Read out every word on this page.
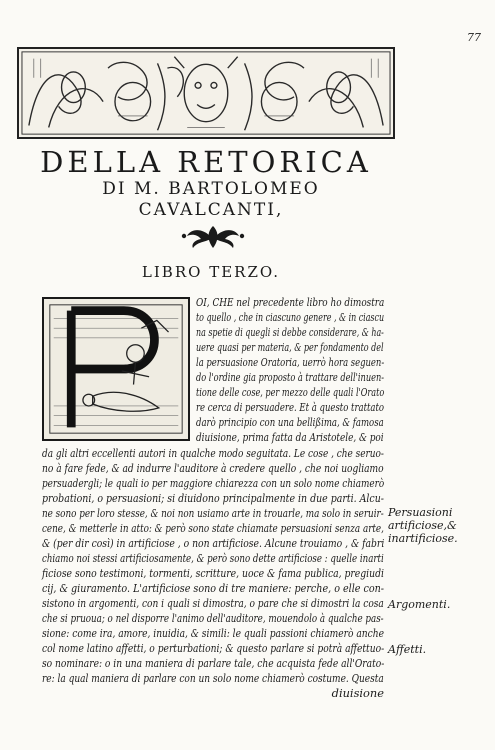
77
DELLA RETORICA
DI M. BARTOLOMEO
CAVALCANTI,
LIBRO TERZO.
OI, CHE nel precedente libro ho dimostra
to quello , che in ciascuno genere , & in ciascu
na spetie di quegli si debbe considerare, & ha-
uere quasi per materia, & per fondamento del
la persuasione Oratoria, uerrò hora seguen-
do l'ordine gia proposto à trattare dell'inuen-
tione delle cose, per mezzo delle quali l'Orato
re cerca di persuadere. Et à questo trattato
darò principio con una bellißima, & famosa
diuisione, prima fatta da Aristotele, & poi
da gli altri eccellenti autori in qualche modo seguitata. Le cose , che seruo-
no à fare fede, & ad indurre l'auditore à credere quello , che noi uogliamo
persuadergli; le quali io per maggiore chiarezza con un solo nome chiamerò
probationi, o persuasioni; si diuidono principalmente in due parti. Alcu-
ne sono per loro stesse, & noi non usiamo arte in trouarle, ma solo in seruir-
cene, & metterle in atto: & però sono state chiamate persuasioni senza arte,
& (per dir così) in artificiose , o non artificiose. Alcune trouiamo , & fabri
chiamo noi stessi artificiosamente, & però sono dette artificiose : quelle inarti
ficiose sono testimoni, tormenti, scritture, uoce & fama publica, pregiudi
cij, & giuramento. L'artificiose sono di tre maniere: perche, o elle con-
sistono in argomenti, con i quali si dimostra, o pare che si dimostri la cosa
che si pruoua; o nel disporre l'animo dell'auditore, mouendolo à qualche pas-
sione: come ira, amore, inuidia, & simili: le quali passioni chiamerò anche
col nome latino affetti, o perturbationi; & questo parlare si potrà affettuo-
so nominare: o in una maniera di parlare tale, che acquista fede all'Orato-
re: la qual maniera di parlare con un solo nome chiamerò costume. Questa
diuisione
Persuasioni
artificiose,&
inartificiose.
Argomenti.
Affetti.
